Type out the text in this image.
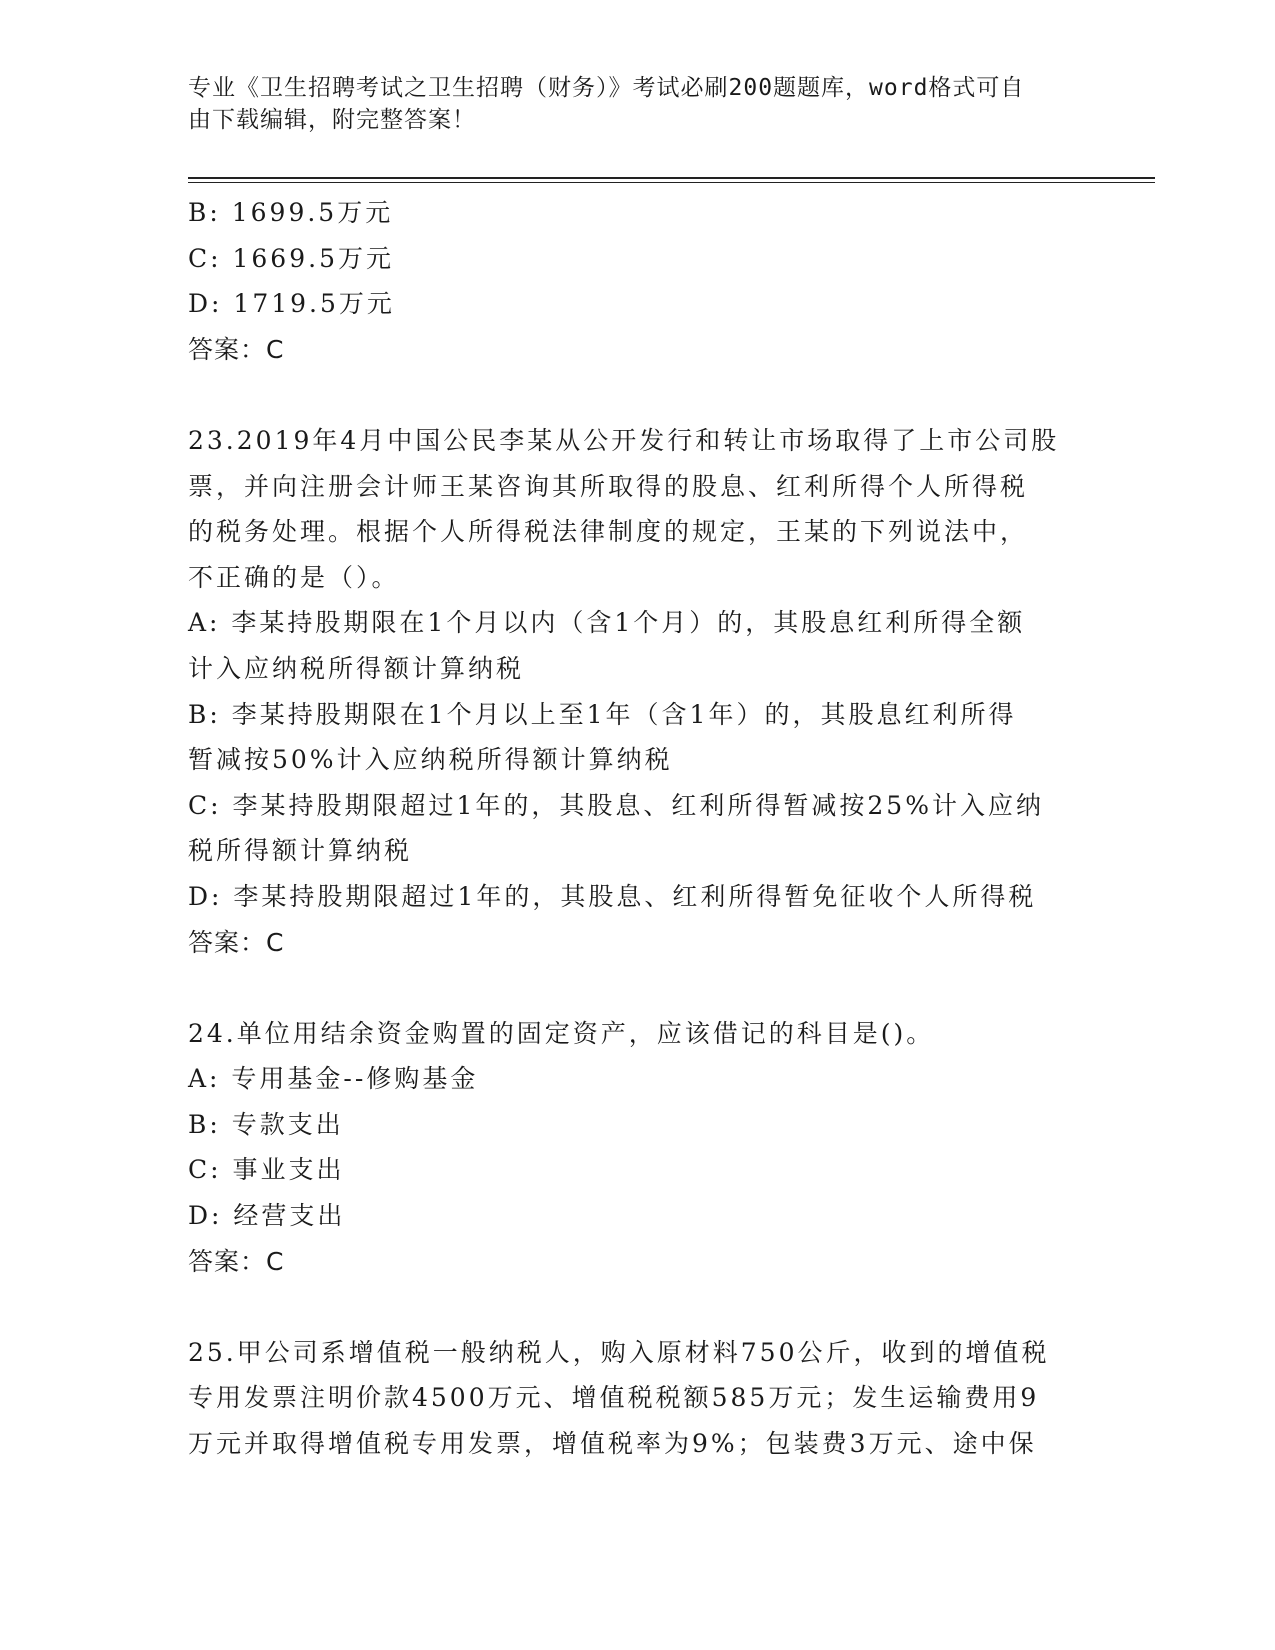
专业《卫生招聘考试之卫生招聘（财务）》考试必刷200题题库，word格式可自
由下载编辑，附完整答案！
B: 1699.5万元
C: 1669.5万元
D: 1719.5万元
答案：C
23.2019年4月中国公民李某从公开发行和转让市场取得了上市公司股
票，并向注册会计师王某咨询其所取得的股息、红利所得个人所得税
的税务处理。根据个人所得税法律制度的规定，王某的下列说法中，
不正确的是（）。
A: 李某持股期限在1个月以内（含1个月）的，其股息红利所得全额
计入应纳税所得额计算纳税
B: 李某持股期限在1个月以上至1年（含1年）的，其股息红利所得
暂减按50%计入应纳税所得额计算纳税
C: 李某持股期限超过1年的，其股息、红利所得暂减按25%计入应纳
税所得额计算纳税
D: 李某持股期限超过1年的，其股息、红利所得暂免征收个人所得税
答案：C
24.单位用结余资金购置的固定资产，应该借记的科目是()。
A: 专用基金--修购基金
B: 专款支出
C: 事业支出
D: 经营支出
答案：C
25.甲公司系增值税一般纳税人，购入原材料750公斤，收到的增值税
专用发票注明价款4500万元、增值税税额585万元；发生运输费用9
万元并取得增值税专用发票，增值税率为9%；包装费3万元、途中保
